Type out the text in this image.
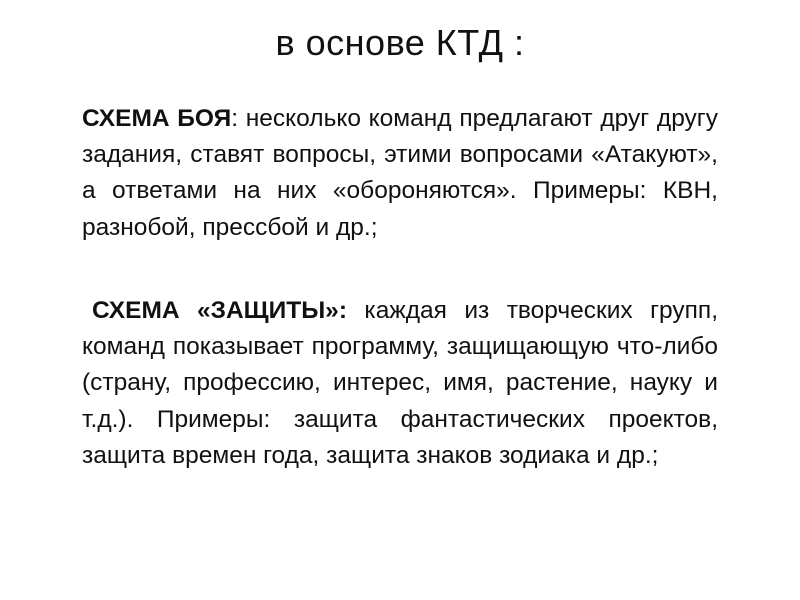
в основе КТД :

СХЕМА БОЯ: несколько команд предлагают друг другу задания, ставят вопросы, этими вопросами «Атакуют», а ответами на них «обороняются». Примеры: КВН, разнобой, прессбой и др.;

СХЕМА «ЗАЩИТЫ»: каждая из творческих групп, команд показывает программу, защищающую что-либо (страну, профессию, интерес, имя, растение, науку и т.д.). Примеры: защита фантастических проектов, защита времен года, защита знаков зодиака и др.;
